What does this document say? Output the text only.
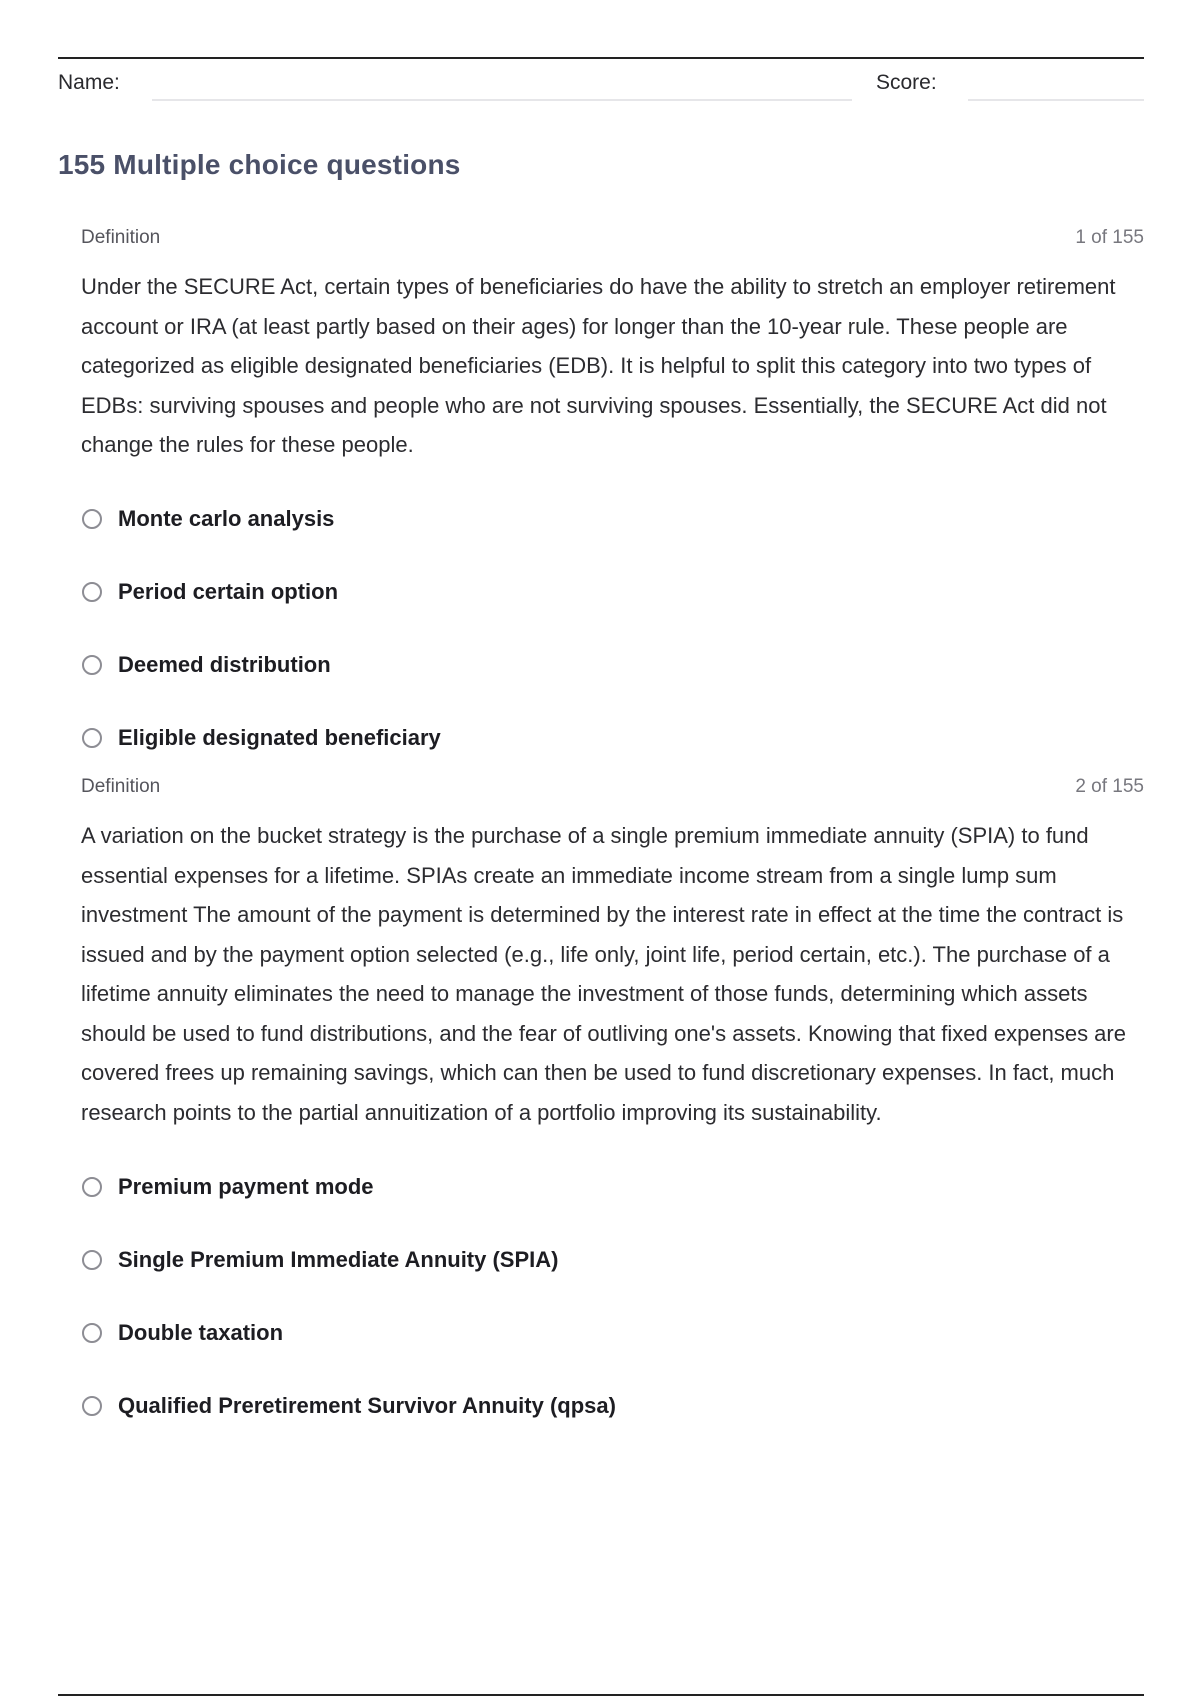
Name:	Score:
155 Multiple choice questions
Definition	1 of 155
Under the SECURE Act, certain types of beneficiaries do have the ability to stretch an employer retirement account or IRA (at least partly based on their ages) for longer than the 10-year rule. These people are categorized as eligible designated beneficiaries (EDB). It is helpful to split this category into two types of EDBs: surviving spouses and people who are not surviving spouses. Essentially, the SECURE Act did not change the rules for these people.
Monte carlo analysis
Period certain option
Deemed distribution
Eligible designated beneficiary
Definition	2 of 155
A variation on the bucket strategy is the purchase of a single premium immediate annuity (SPIA) to fund essential expenses for a lifetime. SPIAs create an immediate income stream from a single lump sum investment The amount of the payment is determined by the interest rate in effect at the time the contract is issued and by the payment option selected (e.g., life only, joint life, period certain, etc.). The purchase of a lifetime annuity eliminates the need to manage the investment of those funds, determining which assets should be used to fund distributions, and the fear of outliving one's assets. Knowing that fixed expenses are covered frees up remaining savings, which can then be used to fund discretionary expenses. In fact, much research points to the partial annuitization of a portfolio improving its sustainability.
Premium payment mode
Single Premium Immediate Annuity (SPIA)
Double taxation
Qualified Preretirement Survivor Annuity (qpsa)
